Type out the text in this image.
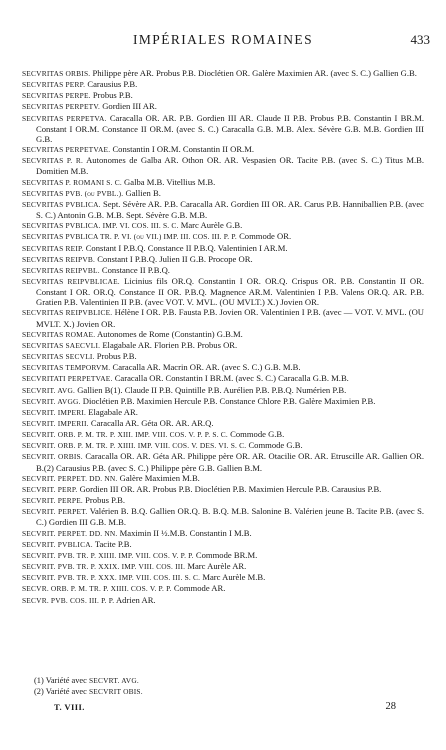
IMPÉRIALES ROMAINES	433

SECVRITAS ORBIS. Philippe père AR. Probus P.B. Dioclétien OR. Galère Maximien AR. (avec S. C.) Gallien G.B.

SECVRITAS PERP. Carausius P.B.

SECVRITAS PERPE. Probus P.B.

SECVRITAS PERPETV. Gordien III AR.

SECVRITAS PERPETVA. Caracalla OR. AR. P.B. Gordien III AR. Claude II P.B. Probus P.B. Constantin I BR.M. Constant I OR.M. Constance II OR.M. (avec S. C.) Caracalla G.B. M.B. Alex. Sévère G.B. M.B. Gordien III G.B.

SECVRITAS PERPETVAE. Constantin I OR.M. Constantin II OR.M.

SECVRITAS P. R. Autonomes de Galba AR. Othon OR. AR. Vespasien OR. Tacite P.B. (avec S. C.) Titus M.B. Domitien M.B.

SECVRITAS P. ROMANI S. C. Galba M.B. Vitellius M.B.

SECVRITAS PVB. (ou PVBL.). Gallien B.

SECVRITAS PVBLICA. Sept. Sévère AR. P.B. Caracalla AR. Gordien III OR. AR. Carus P.B. Hanniballien P.B. (avec S. C.) Antonin G.B. M.B. Sept. Sévère G.B. M.B.

SECVRITAS PVBLICA. IMP. VI. COS. III. S. C. Marc Aurèle G.B.

SECVRITAS PVBLICA TR. P. VI. (ou VII.) IMP. III. COS. III. P. P. Commode OR.

SECVRITAS REIP. Constant I P.B.Q. Constance II P.B.Q. Valentinien I AR.M.

SECVRITAS REIPVB. Constant I P.B.Q. Julien II G.B. Procope OR.

SECVRITAS REIPVBL. Constance II P.B.Q.

SECVRITAS REIPVBLICAE. Licinius fils OR.Q. Constantin I OR. OR.Q. Crispus OR. P.B. Constantin II OR. Constant I OR. OR.Q. Constance II OR. P.B.Q. Magnence AR.M. Valentinien I P.B. Valens OR.Q. AR. P.B. Gratien P.B. Valentinien II P.B. (avec VOT. V. MVL. (OU MVLT.) X.) Jovien OR.

SECVRITAS REIPVBLICE. Hélène I OR. P.B. Fausta P.B. Jovien OR. Valentinien I P.B. (avec — VOT. V. MVL. (OU MVLT. X.) Jovien OR.

SECVRITAS ROMAE. Autonomes de Rome (Constantin) G.B.M.

SECVRITAS SAECVLI. Elagabale AR. Florien P.B. Probus OR.

SECVRITAS SECVLI. Probus P.B.

SECVRITAS TEMPORVM. Caracalla AR. Macrin OR. AR. (avec S. C.) G.B. M.B.

SECVRITATI PERPETVAE. Caracalla OR. Constantin I BR.M. (avec S. C.) Caracalla G.B. M.B.

SECVRIT. AVG. Gallien B(1). Claude II P.B. Quintille P.B. Aurélien P.B. P.B.Q. Numérien P.B.

SECVRIT. AVGG. Dioclétien P.B. Maximien Hercule P.B. Constance Chlore P.B. Galère Maximien P.B.

SECVRIT. IMPERI. Elagabale AR.

SECVRIT. IMPERII. Caracalla AR. Géta OR. AR. AR.Q.

SECVRIT. ORB. P. M. TR. P. XIII. IMP. VIII. COS. V. P. P. S. C. Commode G.B.

SECVRIT. ORB. P. M. TR. P. XIIII. IMP. VIII. COS. V. DES. VI. S. C. Commode G.B.

SECVRIT. ORBIS. Caracalla OR. AR. Géta AR. Philippe père OR. AR. Otacilie OR. AR. Etruscille AR. Gallien OR. B.(2) Carausius P.B. (avec S. C.) Philippe père G.B. Gallien B.M.

SECVRIT. PERPET. DD. NN. Galère Maximien M.B.

SECVRIT. PERP. Gordien III OR. AR. Probus P.B. Dioclétien P.B. Maximien Hercule P.B. Carausius P.B.

SECVRIT. PERPE. Probus P.B.

SECVRIT. PERPET. Valérien B. B.Q. Gallien OR.Q. B. B.Q. M.B. Salonine B. Valérien jeune B. Tacite P.B. (avec S. C.) Gordien III G.B. M.B.

SECVRIT. PERPET. DD. NN. Maximin II ½.M.B. Constantin I M.B.

SECVRIT. PVBLICA. Tacite P.B.

SECVRIT. PVB. TR. P. XIIII. IMP. VIII. COS. V. P. P. Commode BR.M.

SECVRIT. PVB. TR. P. XXIX. IMP. VIII. COS. III. Marc Aurèle AR.

SECVRIT. PVB. TR. P. XXX. IMP. VIII. COS. III. S. C. Marc Aurèle M.B.

SECVR. ORB. P. M. TR. P. XIIII. COS. V. P. P. Commode AR.

SECVR. PVB. COS. III. P. P. Adrien AR.

(1) Variété avec SECVRT. AVG.

(2) Variété avec SECVRIT OBIS.

T. VIII.	28
